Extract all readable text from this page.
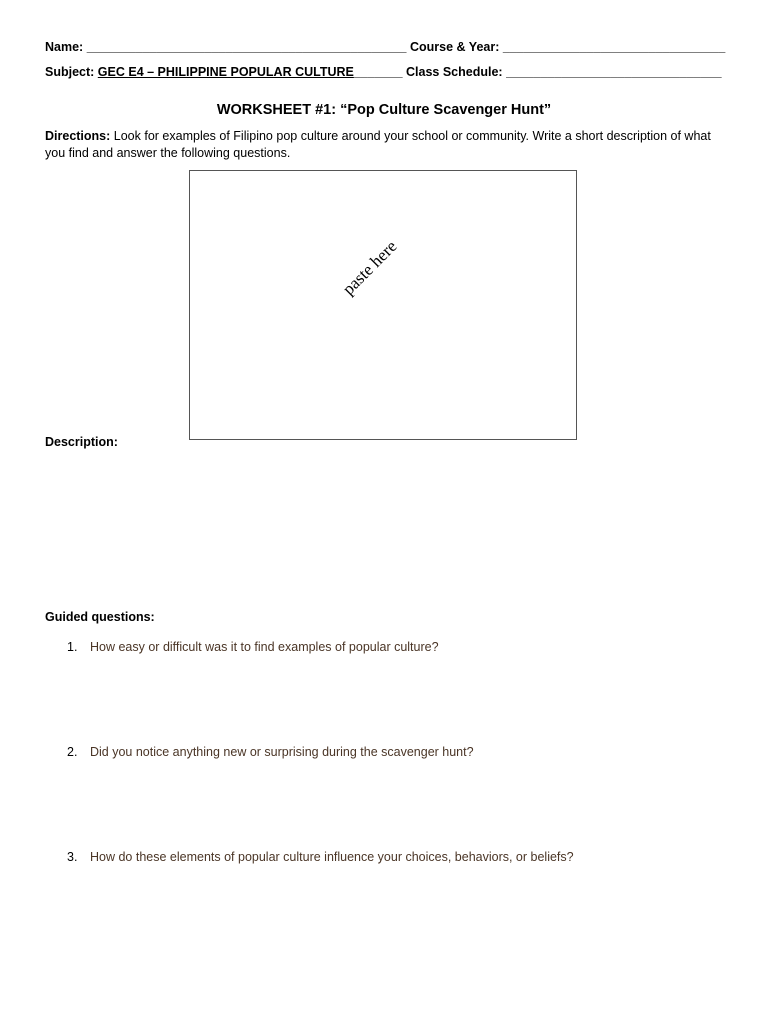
Name: ______________________________________________ Course & Year: ________________________________
Subject: GEC E4 – PHILIPPINE POPULAR CULTURE_______ Class Schedule: _______________________________
WORKSHEET #1: “Pop Culture Scavenger Hunt”
Directions: Look for examples of Filipino pop culture around your school or community. Write a short description of what you find and answer the following questions.
paste here
Description:
Guided questions:
1. How easy or difficult was it to find examples of popular culture?
2. Did you notice anything new or surprising during the scavenger hunt?
3. How do these elements of popular culture influence your choices, behaviors, or beliefs?
